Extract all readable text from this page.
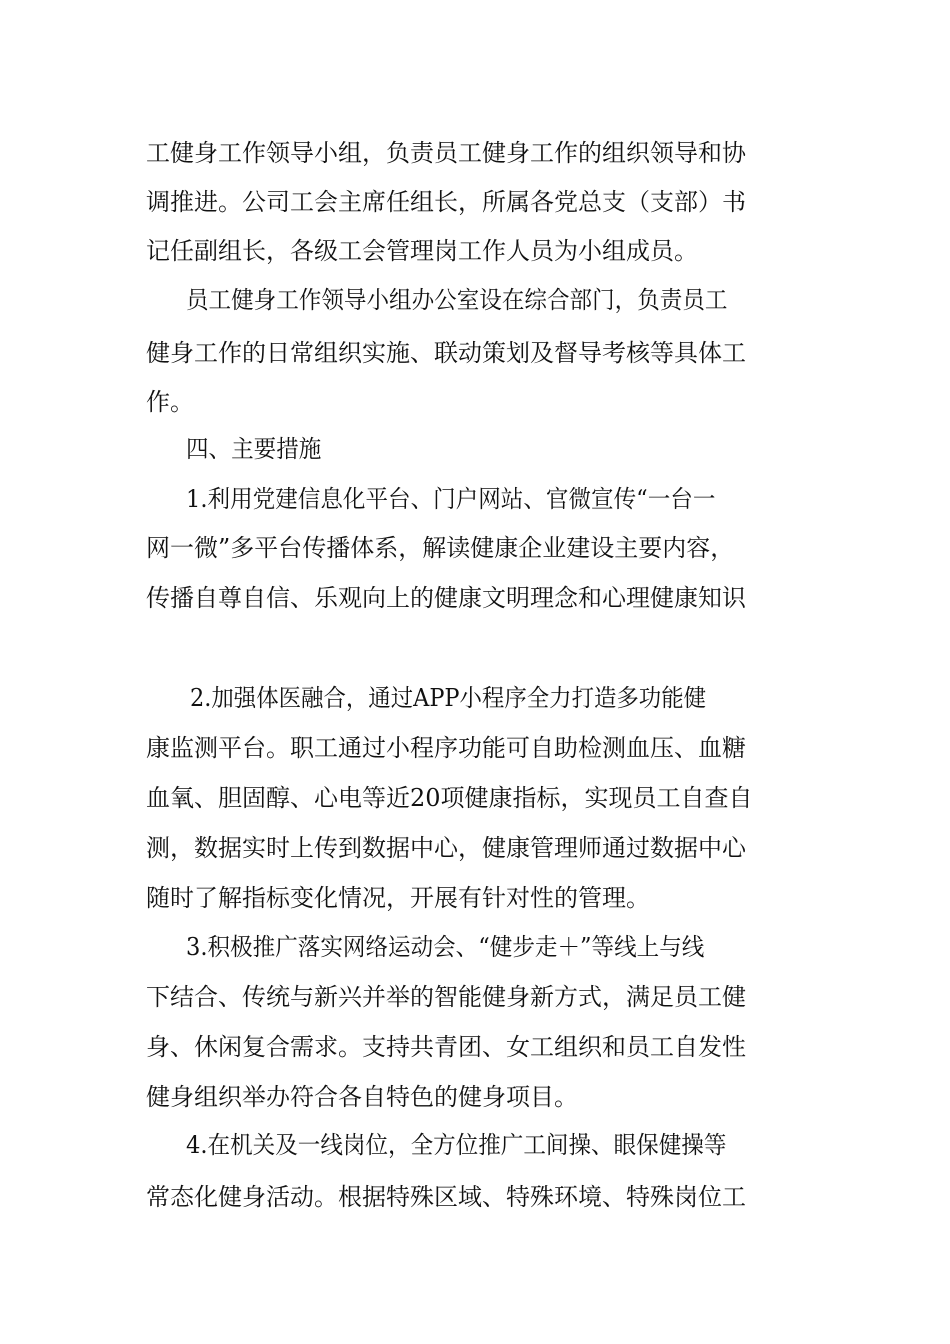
工健身工作领导小组，负责员工健身工作的组织领导和协

调推进。公司工会主席任组长，所属各党总支（支部）书

记任副组长，各级工会管理岗工作人员为小组成员。

员工健身工作领导小组办公室设在综合部门，负责员工

健身工作的日常组织实施、联动策划及督导考核等具体工

作。

四、主要措施

1.利用党建信息化平台、门户网站、官微宣传“一台一

网一微”多平台传播体系，解读健康企业建设主要内容，

传播自尊自信、乐观向上的健康文明理念和心理健康知识

2.加强体医融合，通过APP小程序全力打造多功能健

康监测平台。职工通过小程序功能可自助检测血压、血糖

血氧、胆固醇、心电等近20项健康指标，实现员工自查自

测，数据实时上传到数据中心，健康管理师通过数据中心

随时了解指标变化情况，开展有针对性的管理。

3.积极推广落实网络运动会、“健步走＋”等线上与线

下结合、传统与新兴并举的智能健身新方式，满足员工健

身、休闲复合需求。支持共青团、女工组织和员工自发性

健身组织举办符合各自特色的健身项目。

4.在机关及一线岗位，全方位推广工间操、眼保健操等

常态化健身活动。根据特殊区域、特殊环境、特殊岗位工
